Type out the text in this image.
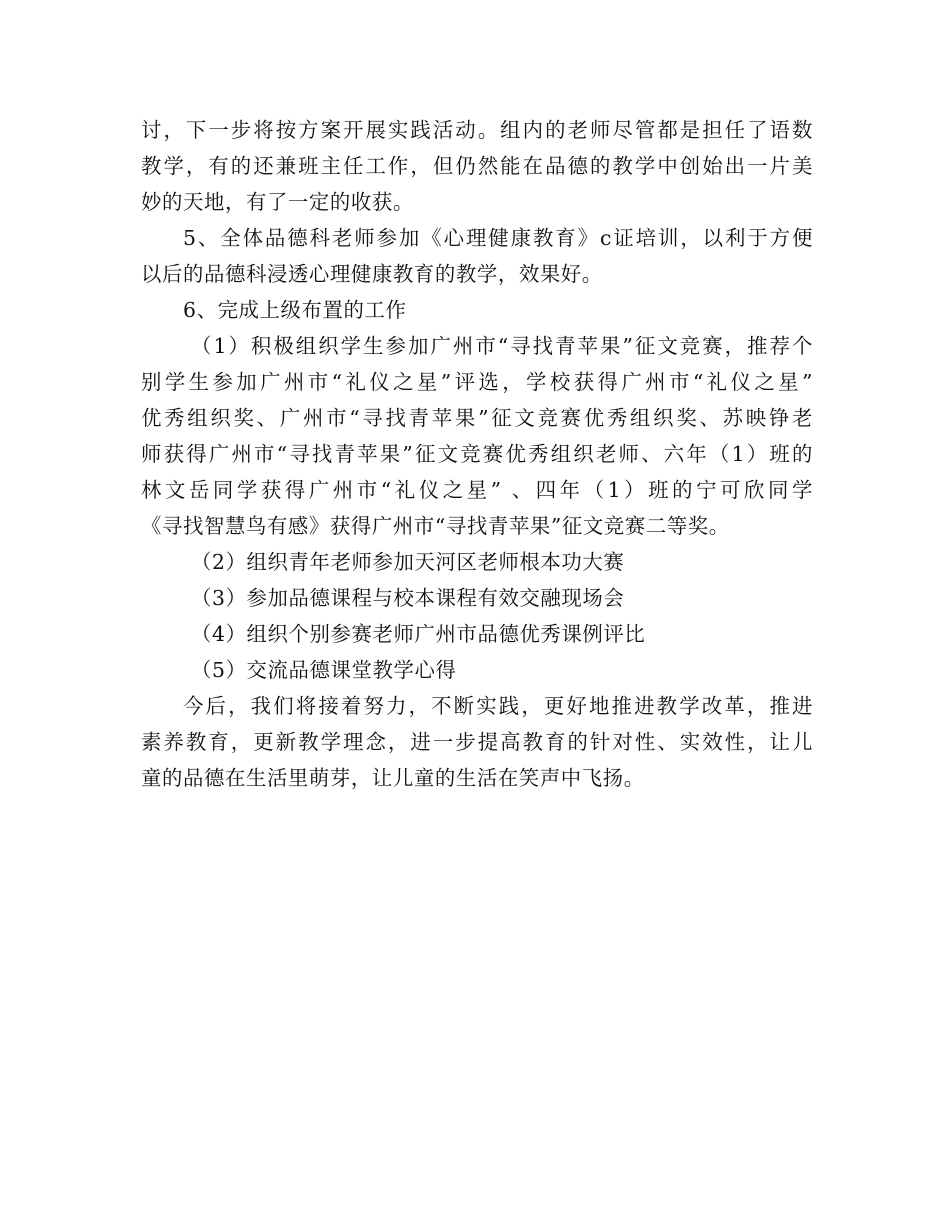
讨，下一步将按方案开展实践活动。组内的老师尽管都是担任了语数
教学，有的还兼班主任工作，但仍然能在品德的教学中创始出一片美
妙的天地，有了一定的收获。
5、全体品德科老师参加《心理健康教育》c证培训，以利于方便
以后的品德科浸透心理健康教育的教学，效果好。
6、完成上级布置的工作
（1）积极组织学生参加广州市“寻找青苹果”征文竞赛，推荐个
别学生参加广州市“礼仪之星”评选，学校获得广州市“礼仪之星”
优秀组织奖、广州市“寻找青苹果”征文竞赛优秀组织奖、苏映铮老
师获得广州市“寻找青苹果”征文竞赛优秀组织老师、六年（1）班的
林文岳同学获得广州市“礼仪之星” 、四年（1）班的宁可欣同学
《寻找智慧鸟有感》获得广州市“寻找青苹果”征文竞赛二等奖。
（2）组织青年老师参加天河区老师根本功大赛
（3）参加品德课程与校本课程有效交融现场会
（4）组织个别参赛老师广州市品德优秀课例评比
（5）交流品德课堂教学心得
今后，我们将接着努力，不断实践，更好地推进教学改革，推进
素养教育，更新教学理念，进一步提高教育的针对性、实效性，让儿
童的品德在生活里萌芽，让儿童的生活在笑声中飞扬。
